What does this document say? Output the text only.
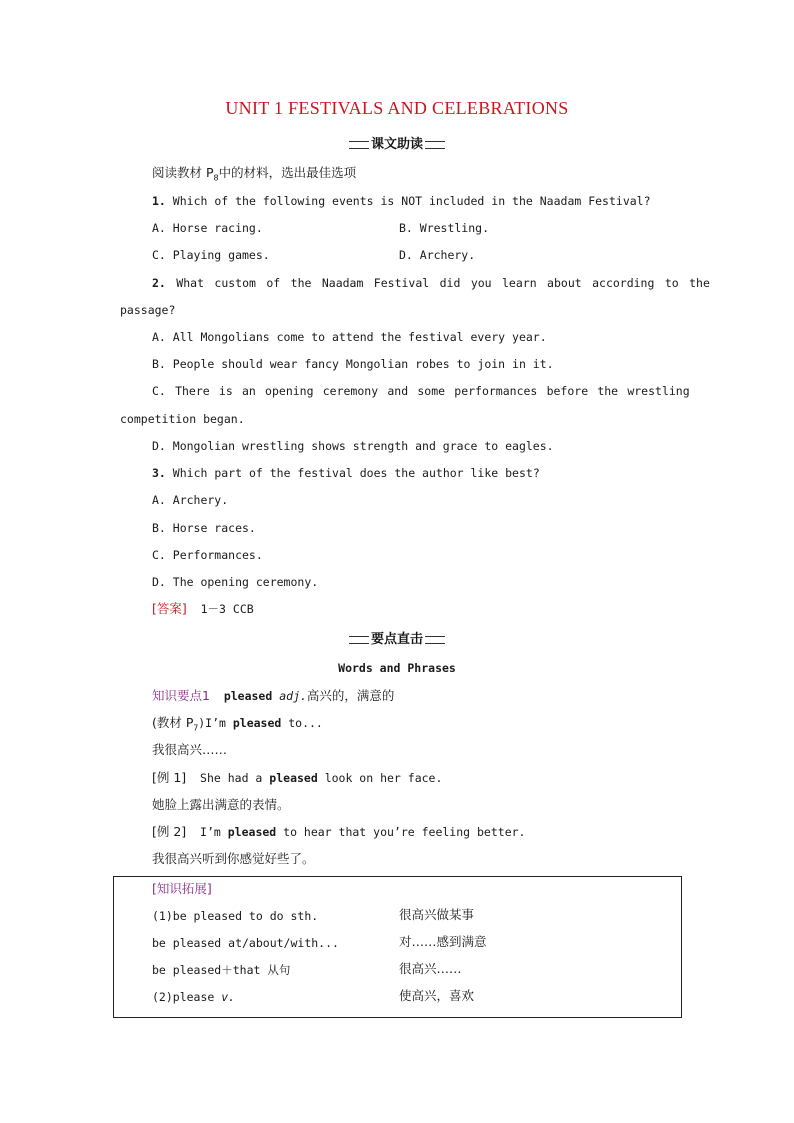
UNIT 1 FESTIVALS AND CELEBRATIONS
课文助读
阅读教材 $P_8$中的材料，选出最佳选项
1. Which of the following events is NOT included in the Naadam Festival?
A. Horse racing.	B. Wrestling.
C. Playing games.	D. Archery.
2. What custom of the Naadam Festival did you learn about according to the
passage?
A. All Mongolians come to attend the festival every year.
B. People should wear fancy Mongolian robes to join in it.
C. There is an opening ceremony and some performances before the wrestling
competition began.
D. Mongolian wrestling shows strength and grace to eagles.
3. Which part of the festival does the author like best?
A. Archery.
B. Horse races.
C. Performances.
D. The opening ceremony.
[答案] 1－3 CCB
要点直击
Words and Phrases
知识要点1 pleased adj.高兴的，满意的
(教材 $P_7)I’m$ pleased to...
我很高兴……
[例 1] She had a pleased look on her face.
她脸上露出满意的表情。
[例 2] I’m pleased to hear that you’re feeling better.
我很高兴听到你感觉好些了。
[知识拓展]
(1)be pleased to do sth.	很高兴做某事
be pleased at/about/with...	对……感到满意
be pleased＋that 从句	很高兴……
(2)please v.	使高兴，喜欢
